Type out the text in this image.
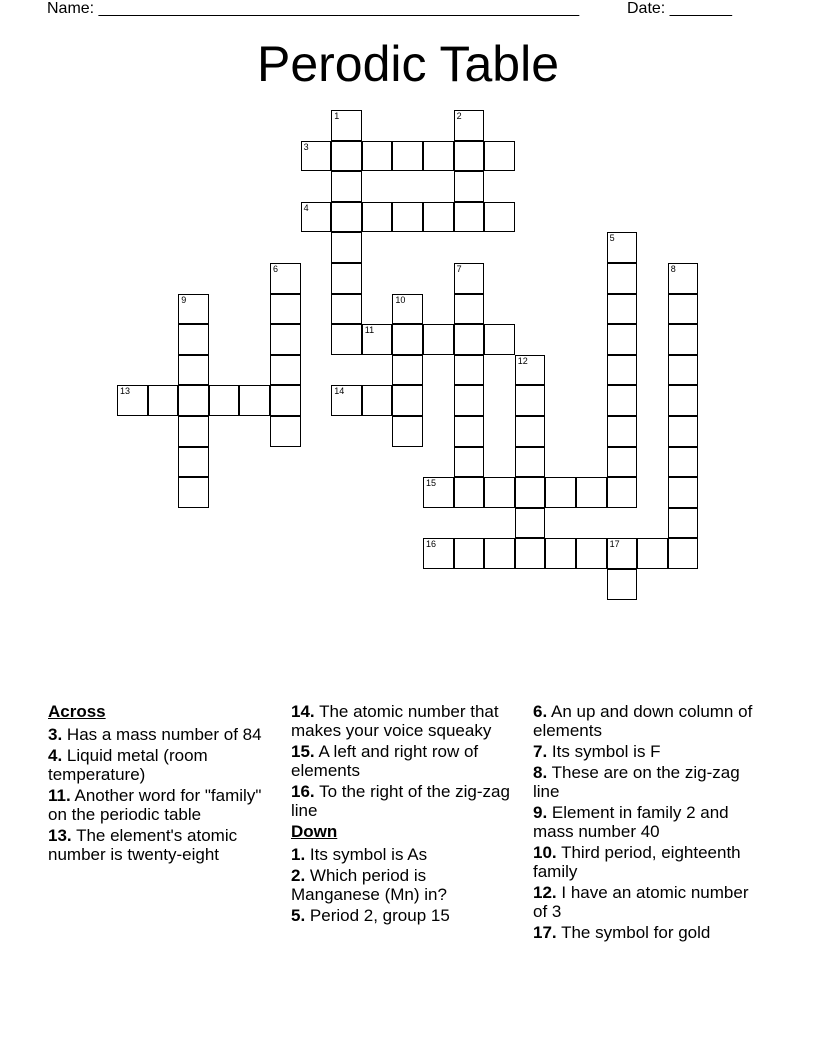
Name: ______________________________________________________	Date: _______
Perodic Table
1	2
3
4
5
6	7	8
9	10
11
12
13	14
15
16	17
Across
3. Has a mass number of 84
4. Liquid metal (room temperature)
11. Another word for "family" on the periodic table
13. The element's atomic number is twenty-eight
14. The atomic number that makes your voice squeaky
15. A left and right row of elements
16. To the right of the zig-zag line
Down
1. Its symbol is As
2. Which period is Manganese (Mn) in?
5. Period 2, group 15
6. An up and down column of elements
7. Its symbol is F
8. These are on the zig-zag line
9. Element in family 2 and mass number 40
10. Third period, eighteenth family
12. I have an atomic number of 3
17. The symbol for gold
